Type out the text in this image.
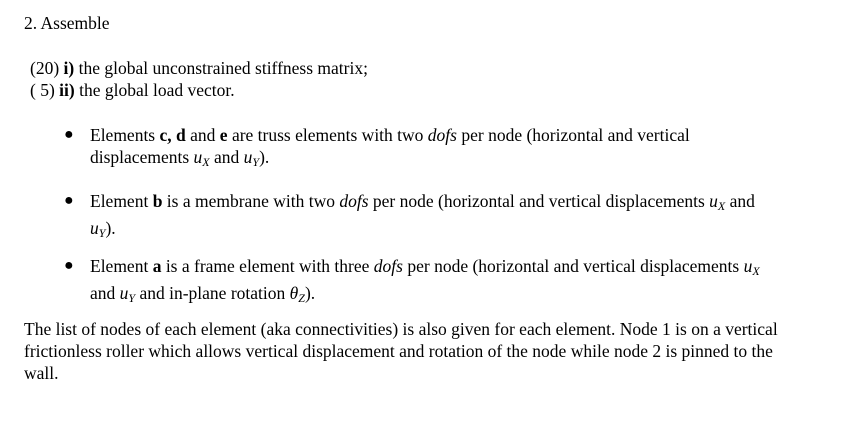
2. Assemble
(20) i) the global unconstrained stiffness matrix;
( 5) ii) the global load vector.
● Elements c, d and e are truss elements with two dofs per node (horizontal and vertical
displacements $u_X$ and $u_Y$).
● Element b is a membrane with two dofs per node (horizontal and vertical displacements $u_X$ and
$u_Y$).
● Element a is a frame element with three dofs per node (horizontal and vertical displacements $u_X$
and $u_Y$ and in-plane rotation $\theta_Z$).

The list of nodes of each element (aka connectivities) is also given for each element. Node 1 is on a vertical frictionless roller which allows vertical displacement and rotation of the node while node 2 is pinned to the wall.
